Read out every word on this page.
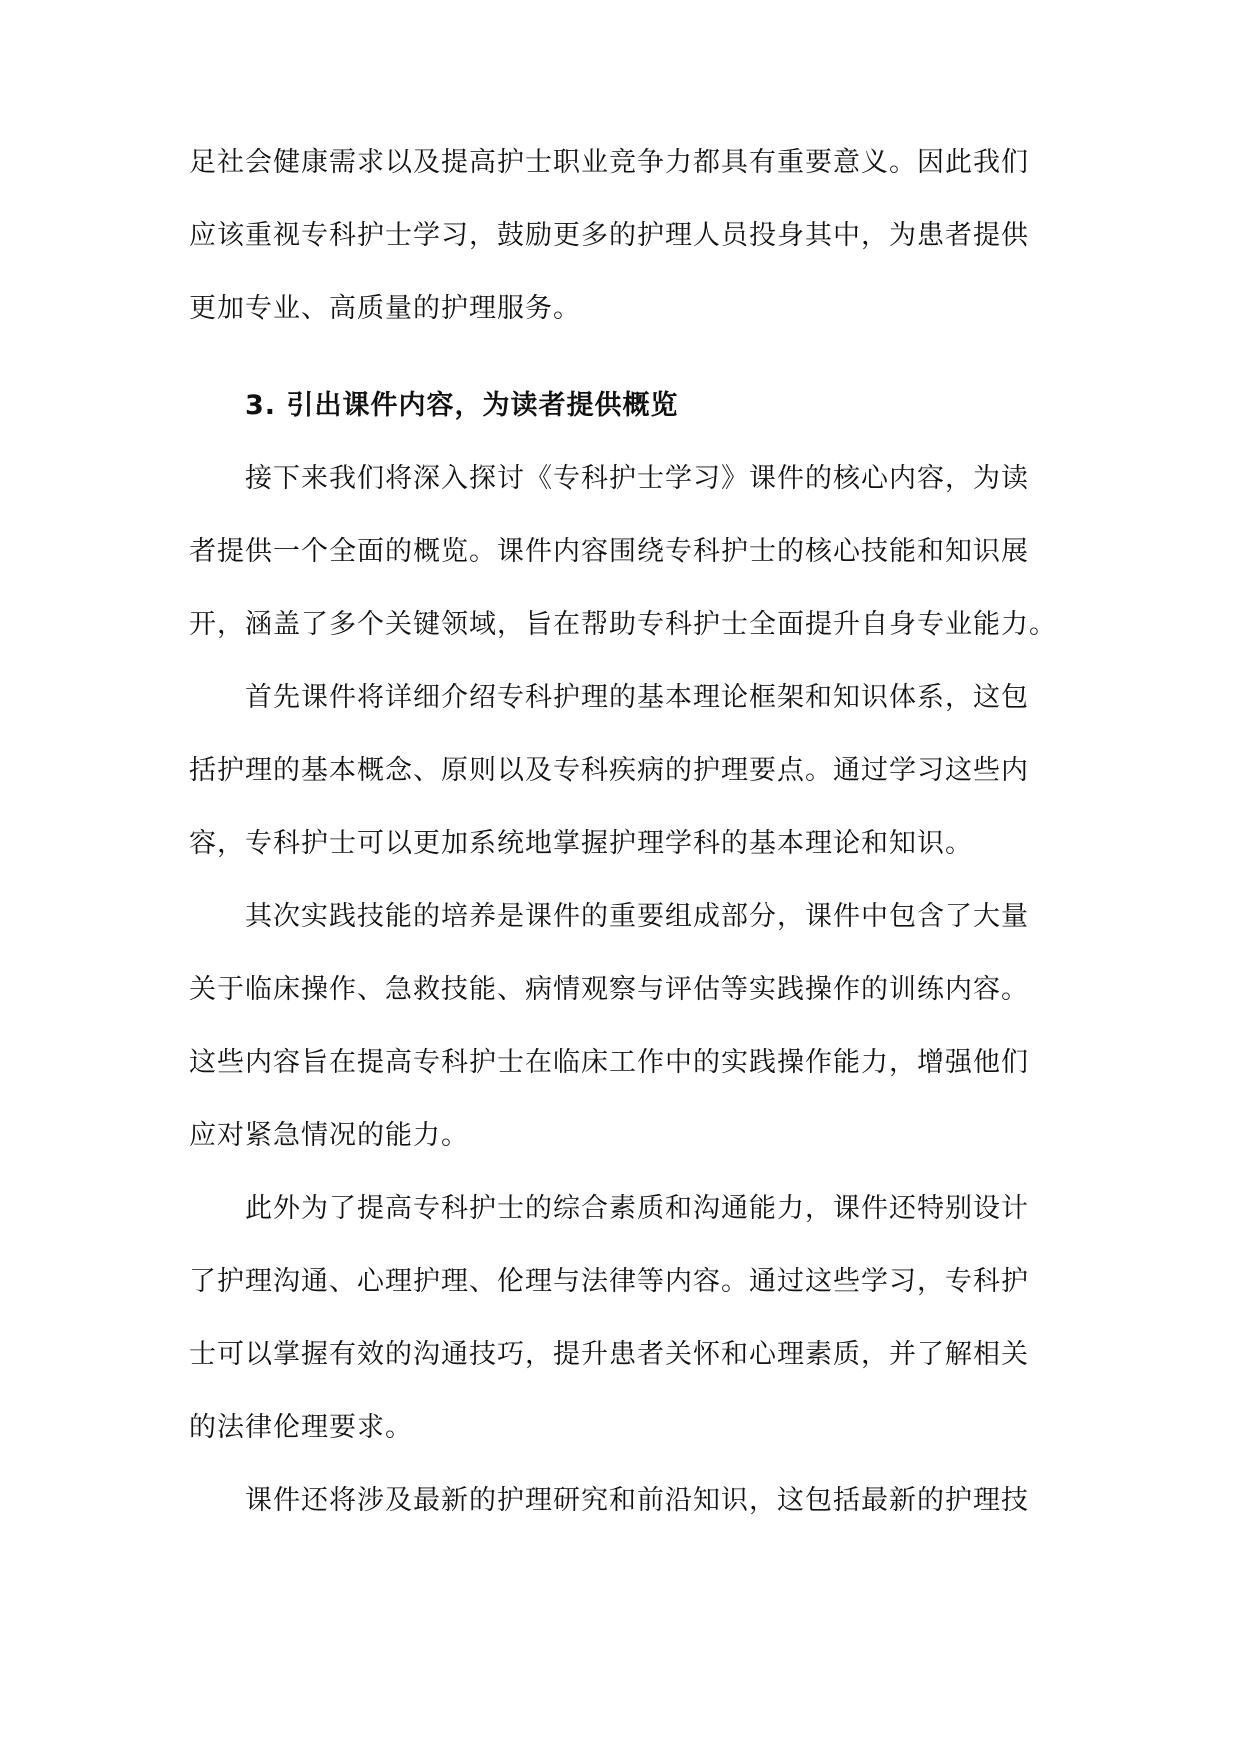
足社会健康需求以及提高护士职业竞争力都具有重要意义。因此我们
应该重视专科护士学习，鼓励更多的护理人员投身其中，为患者提供
更加专业、高质量的护理服务。
3. 引出课件内容，为读者提供概览
接下来我们将深入探讨《专科护士学习》课件的核心内容，为读
者提供一个全面的概览。课件内容围绕专科护士的核心技能和知识展
开，涵盖了多个关键领域，旨在帮助专科护士全面提升自身专业能力。
首先课件将详细介绍专科护理的基本理论框架和知识体系，这包
括护理的基本概念、原则以及专科疾病的护理要点。通过学习这些内
容，专科护士可以更加系统地掌握护理学科的基本理论和知识。
其次实践技能的培养是课件的重要组成部分，课件中包含了大量
关于临床操作、急救技能、病情观察与评估等实践操作的训练内容。
这些内容旨在提高专科护士在临床工作中的实践操作能力，增强他们
应对紧急情况的能力。
此外为了提高专科护士的综合素质和沟通能力，课件还特别设计
了护理沟通、心理护理、伦理与法律等内容。通过这些学习，专科护
士可以掌握有效的沟通技巧，提升患者关怀和心理素质，并了解相关
的法律伦理要求。
课件还将涉及最新的护理研究和前沿知识，这包括最新的护理技
